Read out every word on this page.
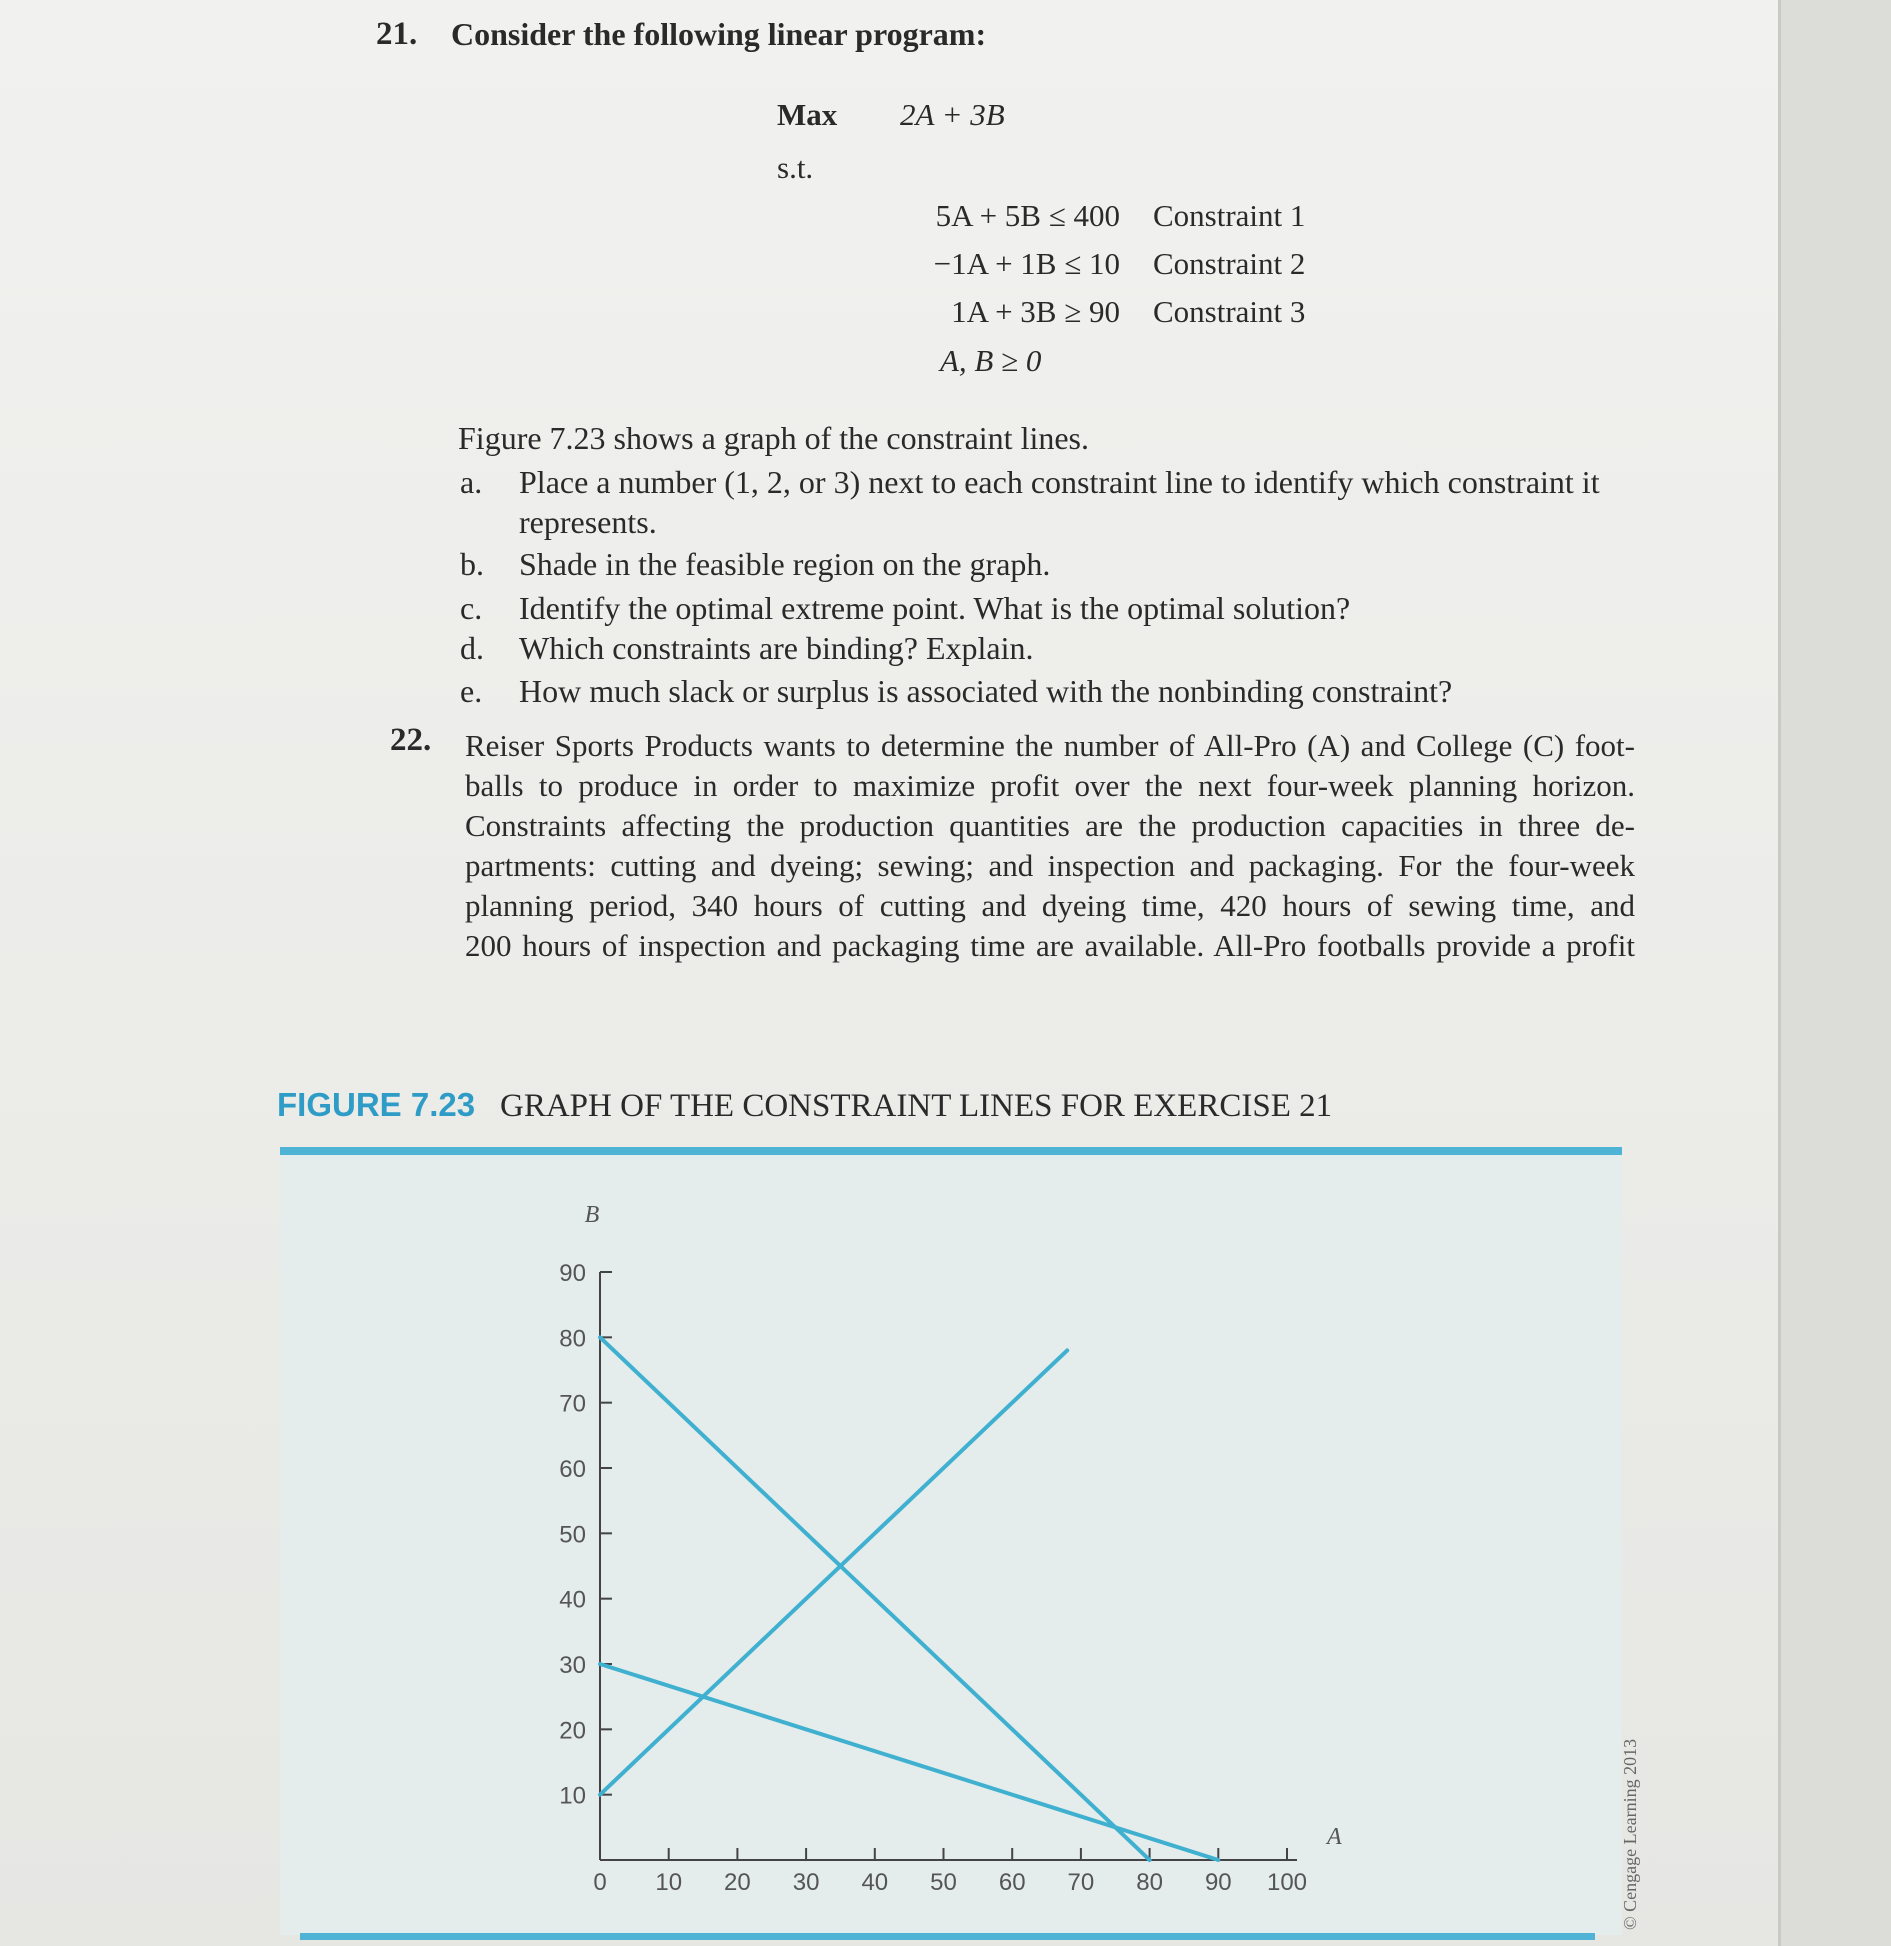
21. Consider the following linear program:
Max 2A + 3B
s.t.
5A + 5B ≤ 400 Constraint 1
−1A + 1B ≤ 10 Constraint 2
1A + 3B ≥ 90 Constraint 3
A, B ≥ 0
Figure 7.23 shows a graph of the constraint lines.
a. Place a number (1, 2, or 3) next to each constraint line to identify which constraint it
represents.
b. Shade in the feasible region on the graph.
c. Identify the optimal extreme point. What is the optimal solution?
d. Which constraints are binding? Explain.
e. How much slack or surplus is associated with the nonbinding constraint?
22. Reiser Sports Products wants to determine the number of All-Pro (A) and College (C) foot-
balls to produce in order to maximize profit over the next four-week planning horizon.
Constraints affecting the production quantities are the production capacities in three de-
partments: cutting and dyeing; sewing; and inspection and packaging. For the four-week
planning period, 340 hours of cutting and dyeing time, 420 hours of sewing time, and
200 hours of inspection and packaging time are available. All-Pro footballs provide a profit
FIGURE 7.23 GRAPH OF THE CONSTRAINT LINES FOR EXERCISE 21
10
20
30
40
50
60
70
80
90
0 10 20 30 40 50 60 70 80 90 100
A
B
© Cengage Learning 2013
